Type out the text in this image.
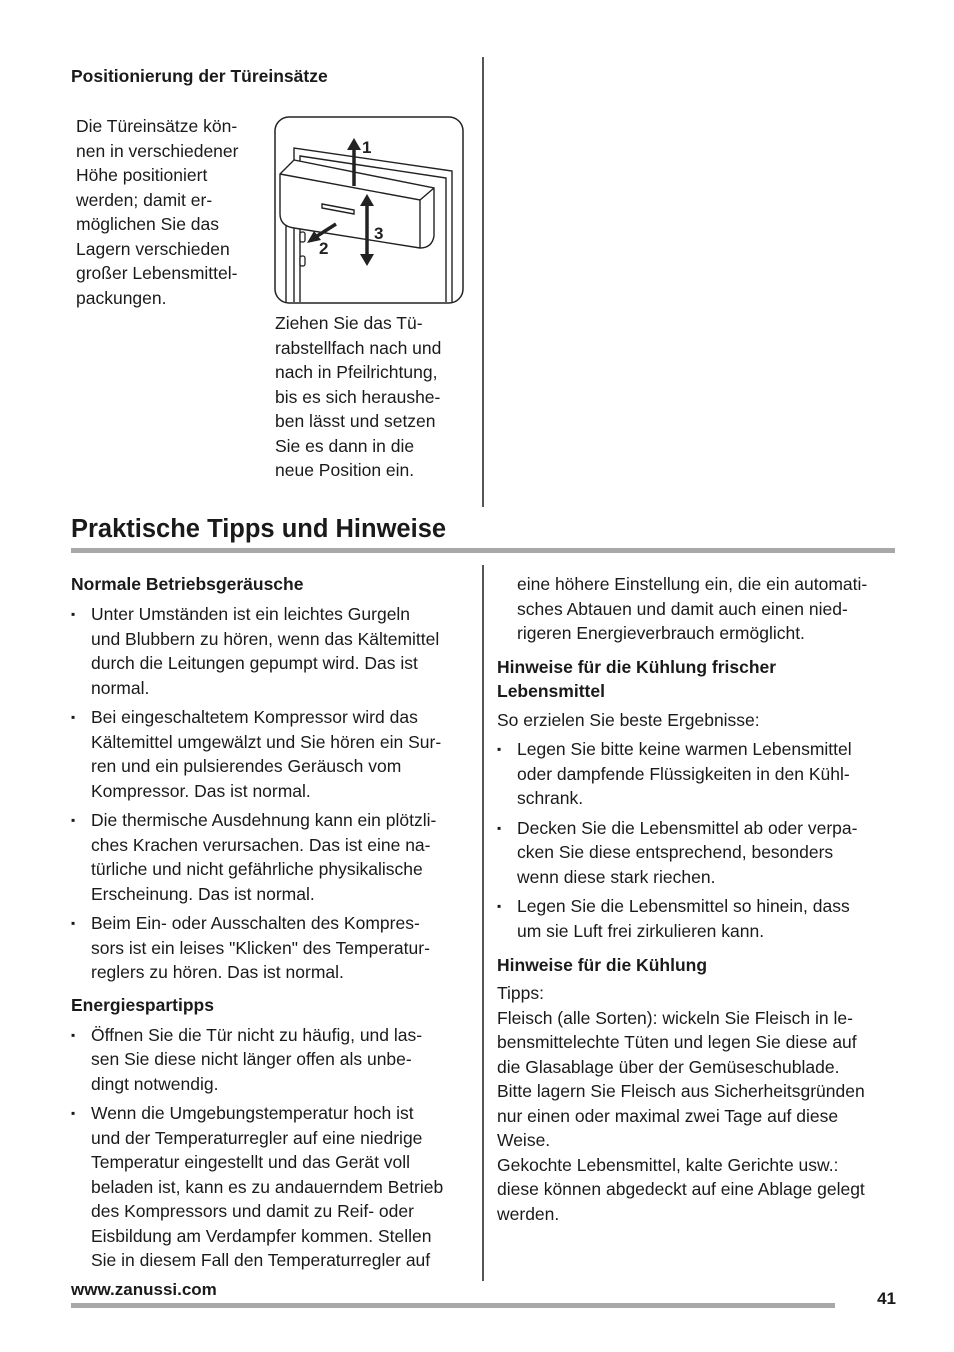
Positionierung der Türeinsätze
Die Türeinsätze kön-
nen in verschiedener
Höhe positioniert
werden; damit er-
möglichen Sie das
Lagern verschieden
großer Lebensmittel-
packungen.
1
2
3
Ziehen Sie das Tü-
rabstellfach nach und
nach in Pfeilrichtung,
bis es sich heraushe-
ben lässt und setzen
Sie es dann in die
neue Position ein.
Praktische Tipps und Hinweise
Normale Betriebsgeräusche
▪ Unter Umständen ist ein leichtes Gurgeln
und Blubbern zu hören, wenn das Kältemittel
durch die Leitungen gepumpt wird. Das ist
normal.
▪ Bei eingeschaltetem Kompressor wird das
Kältemittel umgewälzt und Sie hören ein Sur-
ren und ein pulsierendes Geräusch vom
Kompressor. Das ist normal.
▪ Die thermische Ausdehnung kann ein plötzli-
ches Krachen verursachen. Das ist eine na-
türliche und nicht gefährliche physikalische
Erscheinung. Das ist normal.
▪ Beim Ein- oder Ausschalten des Kompres-
sors ist ein leises "Klicken" des Temperatur-
reglers zu hören. Das ist normal.
Energiespartipps
▪ Öffnen Sie die Tür nicht zu häufig, und las-
sen Sie diese nicht länger offen als unbe-
dingt notwendig.
▪ Wenn die Umgebungstemperatur hoch ist
und der Temperaturregler auf eine niedrige
Temperatur eingestellt und das Gerät voll
beladen ist, kann es zu andauerndem Betrieb
des Kompressors und damit zu Reif- oder
Eisbildung am Verdampfer kommen. Stellen
Sie in diesem Fall den Temperaturregler auf
eine höhere Einstellung ein, die ein automati-
sches Abtauen und damit auch einen nied-
rigeren Energieverbrauch ermöglicht.
Hinweise für die Kühlung frischer
Lebensmittel

So erzielen Sie beste Ergebnisse:

▪ Legen Sie bitte keine warmen Lebensmittel
oder dampfende Flüssigkeiten in den Kühl-
schrank.
▪ Decken Sie die Lebensmittel ab oder verpa-
cken Sie diese entsprechend, besonders
wenn diese stark riechen.
▪ Legen Sie die Lebensmittel so hinein, dass
um sie Luft frei zirkulieren kann.
Hinweise für die Kühlung
Tipps:
Fleisch (alle Sorten): wickeln Sie Fleisch in le-
bensmittelechte Tüten und legen Sie diese auf
die Glasablage über der Gemüseschublade.
Bitte lagern Sie Fleisch aus Sicherheitsgründen
nur einen oder maximal zwei Tage auf diese
Weise.
Gekochte Lebensmittel, kalte Gerichte usw.:
diese können abgedeckt auf eine Ablage gelegt
werden.
www.zanussi.com	41
